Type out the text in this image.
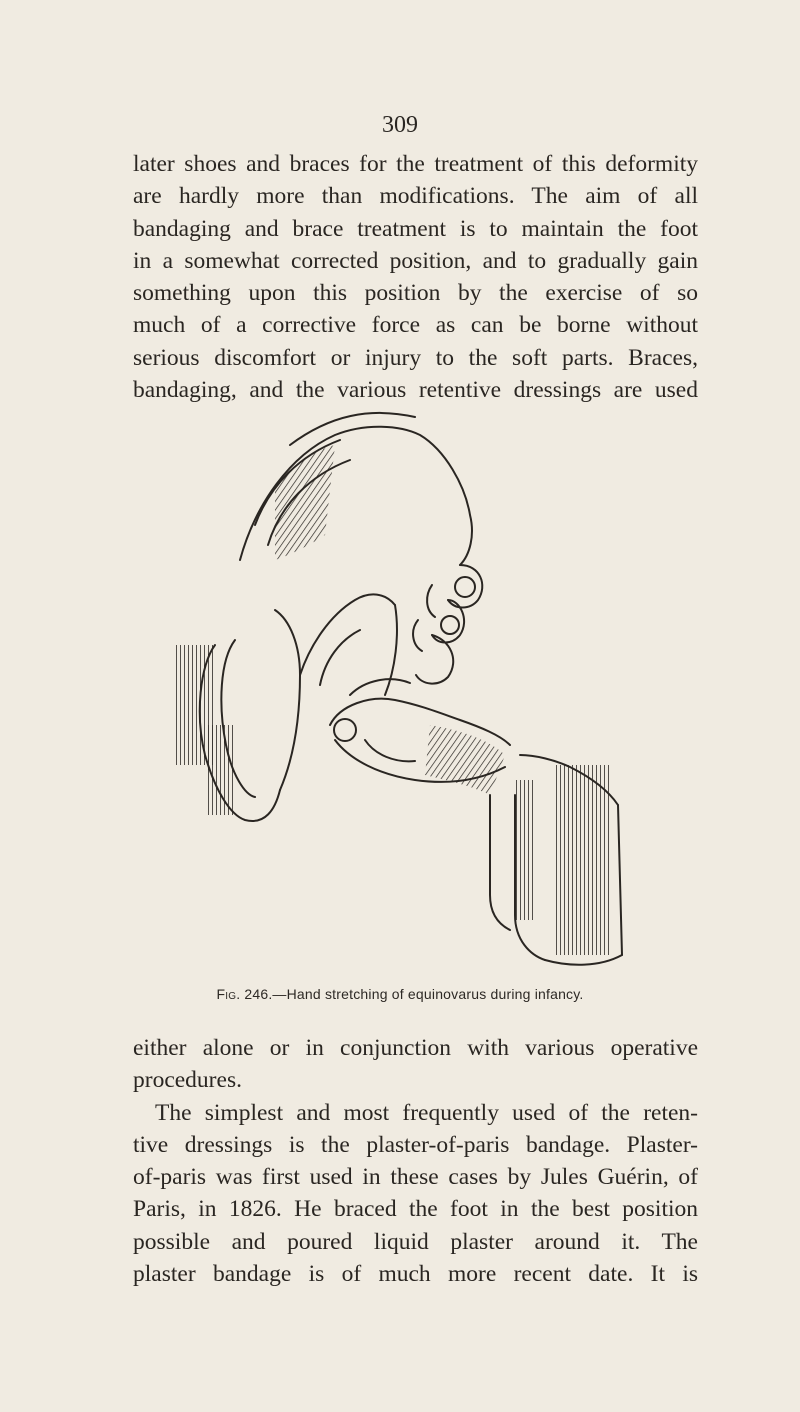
309
later shoes and braces for the treatment of this deformity
are hardly more than modifications. The aim of all
bandaging and brace treatment is to maintain the foot
in a somewhat corrected position, and to gradually gain
something upon this position by the exercise of so
much of a corrective force as can be borne without
serious discomfort or injury to the soft parts. Braces,
bandaging, and the various retentive dressings are used
Fig. 246.—Hand stretching of equinovarus during infancy.
either alone or in conjunction with various operative
procedures.
The simplest and most frequently used of the reten-
tive dressings is the plaster-of-paris bandage. Plaster-
of-paris was first used in these cases by Jules Guérin, of
Paris, in 1826. He braced the foot in the best position
possible and poured liquid plaster around it. The
plaster bandage is of much more recent date. It is
